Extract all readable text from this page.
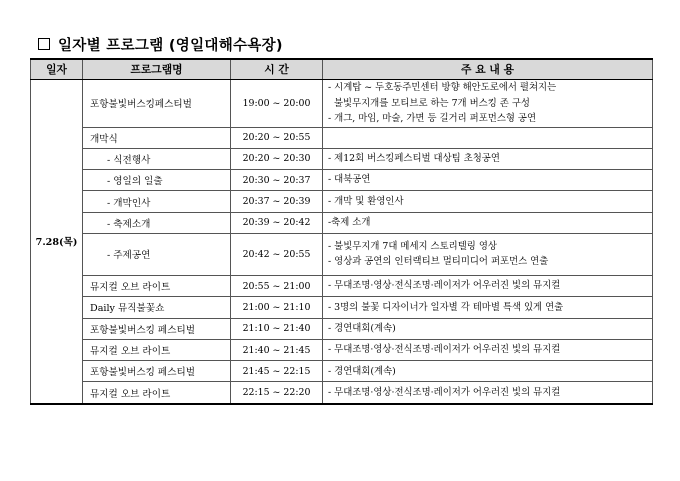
일자별 프로그램 (영일대해수욕장)
일자	프로그램명	시 간	주 요 내 용
7.28(목)	포항불빛버스킹페스티벌	19:00 ~ 20:00	- 시계탑 ~ 두호동주민센터 방향 해안도로에서 펼쳐지는
불빛무지개를 모티브로 하는 7개 버스킹 존 구성
- 개그, 마임, 마술, 가면 등 길거리 퍼포먼스형 공연

	개막식	20:20 ~ 20:55	

	- 식전행사	20:20 ~ 20:30	- 제12회 버스킹페스티벌 대상팀 초청공연

	- 영일의 일출	20:30 ~ 20:37	- 대북공연

	- 개막인사	20:37 ~ 20:39	- 개막 및 환영인사

	- 축제소개	20:39 ~ 20:42	-축제 소개

	- 주제공연	20:42 ~ 20:55	- 불빛무지개 7대 메세지 스토리텔링 영상
- 영상과 공연의 인터랙티브 멀티미디어 퍼포먼스 연출

	뮤지컬 오브 라이트	20:55 ~ 21:00	- 무대조명·영상·전식조명·레이저가 어우러진 빛의 뮤지컬

	Daily 뮤직불꽃쇼	21:00 ~ 21:10	- 3명의 불꽃 디자이너가 일자별 각 테마별 특색 있게 연출

	포항불빛버스킹 페스티벌	21:10 ~ 21:40	- 경연대회(계속)

	뮤지컬 오브 라이트	21:40 ~ 21:45	- 무대조명·영상·전식조명·레이저가 어우러진 빛의 뮤지컬

	포항불빛버스킹 페스티벌	21:45 ~ 22:15	- 경연대회(계속)

	뮤지컬 오브 라이트	22:15 ~ 22:20	- 무대조명·영상·전식조명·레이저가 어우러진 빛의 뮤지컬
